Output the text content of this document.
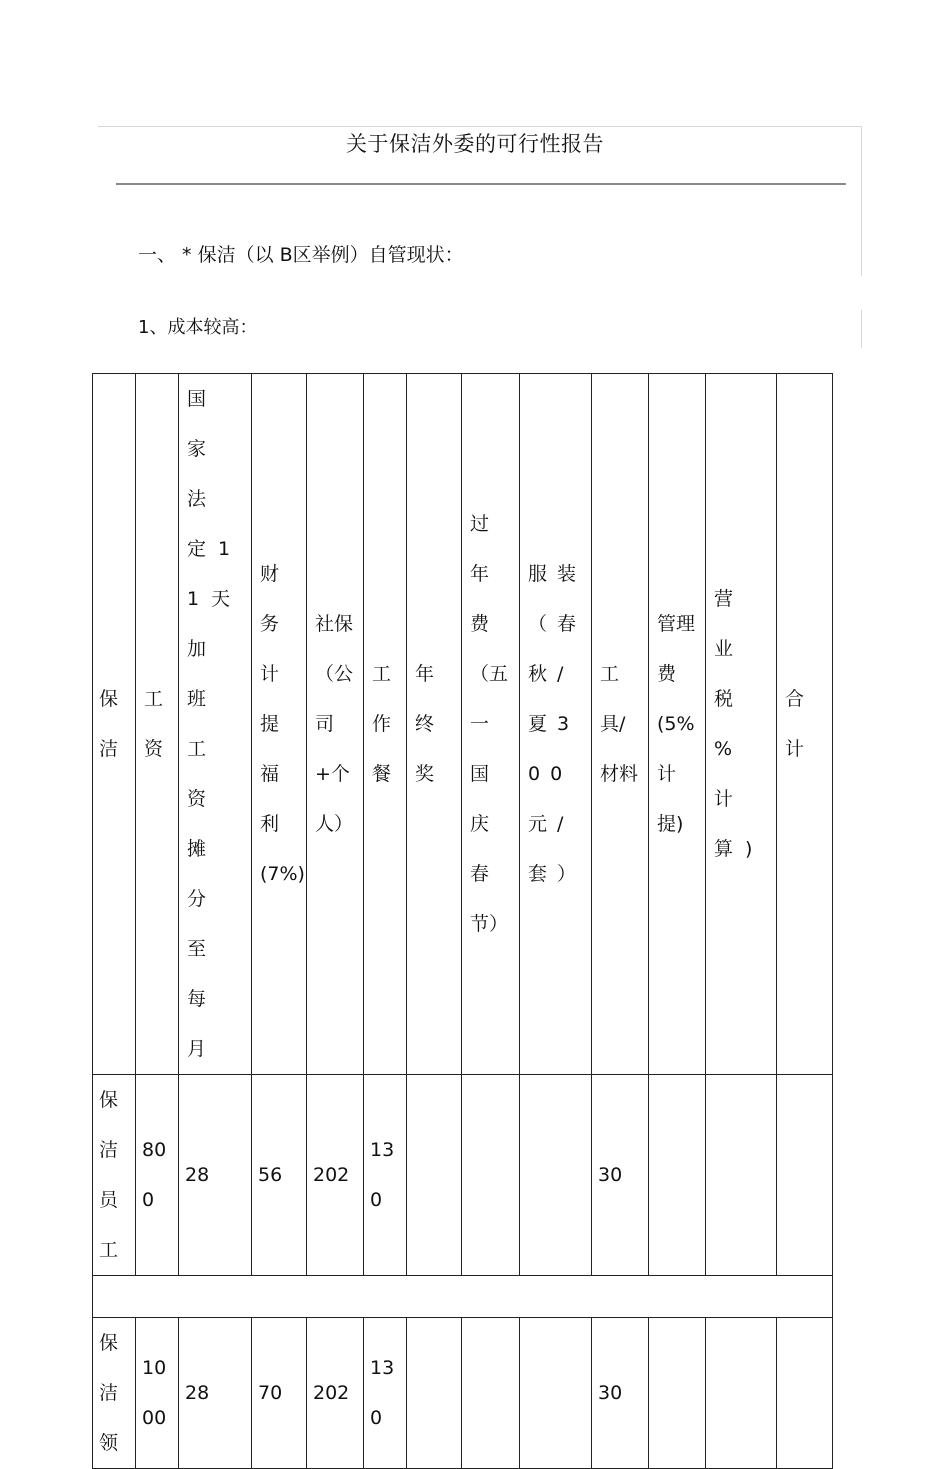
关于保洁外委的可行性报告
一、 * 保洁（以 B区举例）自管现状：
1、成本较高：
保洁	工资	国家法定11天加班工资摊分至每月	财务计提福利(7%)	社保（公司+个人）	工作餐	年终奖	过年费（五一国庆春节）	服装（春秋/夏300元/套）	工具/材料	管理费(5%计提)	营业税 %计算)	合计

保洁员工	800	28	56	202	130				30			

保洁领	1000	28	70	202	130				30			
